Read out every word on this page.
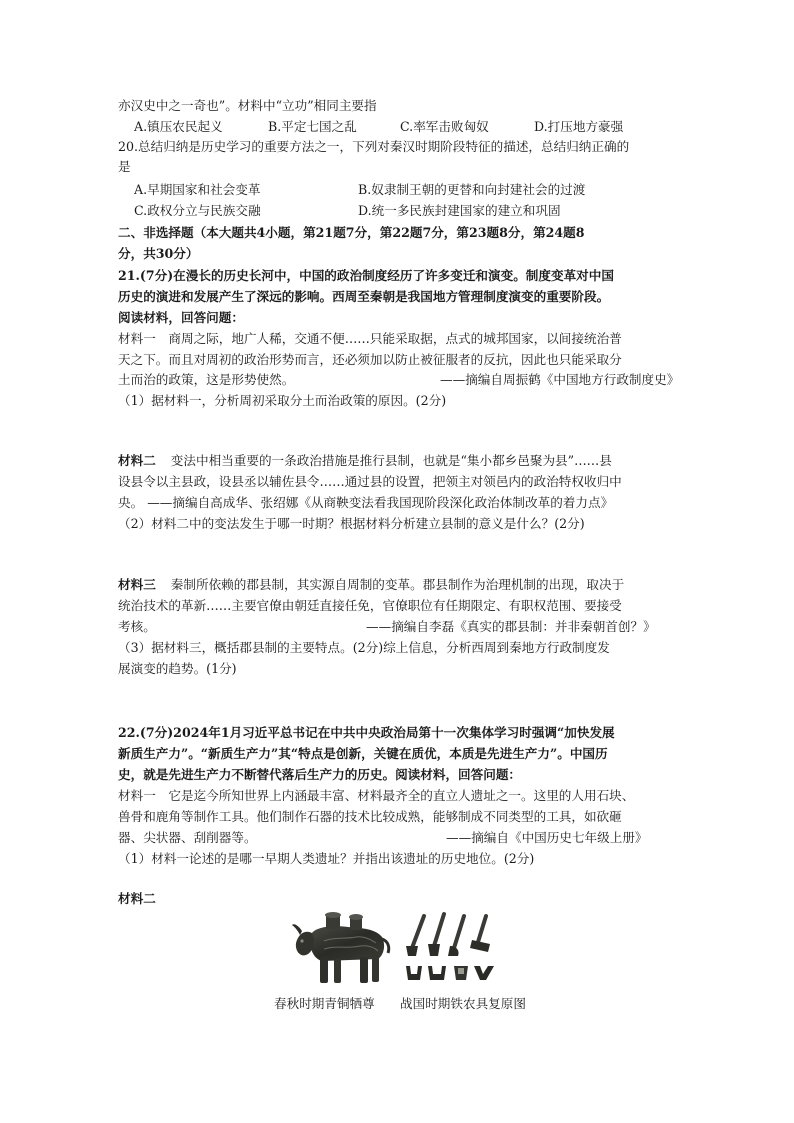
亦汉史中之一奇也”。材料中“立功”相同主要指
A.镇压农民起义	B.平定七国之乱	C.率军击败匈奴	D.打压地方豪强
20.总结归纳是历史学习的重要方法之一，下列对秦汉时期阶段特征的描述，总结归纳正确的
是
A.早期国家和社会变革	B.奴隶制王朝的更替和向封建社会的过渡
C.政权分立与民族交融	D.统一多民族封建国家的建立和巩固
二、非选择题（本大题共4小题，第21题7分，第22题7分，第23题8分，第24题8
分，共30分）
21.(7分)在漫长的历史长河中，中国的政治制度经历了许多变迁和演变。制度变革对中国
历史的演进和发展产生了深远的影响。西周至秦朝是我国地方管理制度演变的重要阶段。
阅读材料，回答问题：
材料一　商周之际，地广人稀，交通不便……只能采取据，点式的城邦国家，以间接统治普
天之下。而且对周初的政治形势而言，还必须加以防止被征服者的反抗，因此也只能采取分
土而治的政策，这是形势使然。	——摘编自周振鹤《中国地方行政制度史》
（1）据材料一，分析周初采取分土而治政策的原因。(2分)
材料二 变法中相当重要的一条政治措施是推行县制，也就是“集小都乡邑聚为县”……县
设县令以主县政，设县丞以辅佐县令……通过县的设置，把领主对领邑内的政治特权收归中
央。 ——摘编自高成华、张绍娜《从商鞅变法看我国现阶段深化政治体制改革的着力点》
（2）材料二中的变法发生于哪一时期？根据材料分析建立县制的意义是什么？(2分)
材料三 秦制所依赖的郡县制，其实源自周制的变革。郡县制作为治理机制的出现，取决于
统治技术的革新……主要官僚由朝廷直接任免，官僚职位有任期限定、有职权范围、要接受
考核。	——摘编自李磊《真实的郡县制：并非秦朝首创？》
（3）据材料三，概括郡县制的主要特点。(2分)综上信息，分析西周到秦地方行政制度发
展演变的趋势。(1分)
22.(7分)2024年1月习近平总书记在中共中央政治局第十一次集体学习时强调“加快发展
新质生产力”。“新质生产力”其“特点是创新，关键在质优，本质是先进生产力”。中国历
史，就是先进生产力不断替代落后生产力的历史。阅读材料，回答问题：
材料一　它是迄今所知世界上内涵最丰富、材料最齐全的直立人遗址之一。这里的人用石块、
兽骨和鹿角等制作工具。他们制作石器的技术比较成熟，能够制成不同类型的工具，如砍砸
器、尖状器、刮削器等。	——摘编自《中国历史七年级上册》
（1）材料一论述的是哪一早期人类遗址？并指出该遗址的历史地位。(2分)
材料二
春秋时期青铜牺尊 战国时期铁农具复原图
